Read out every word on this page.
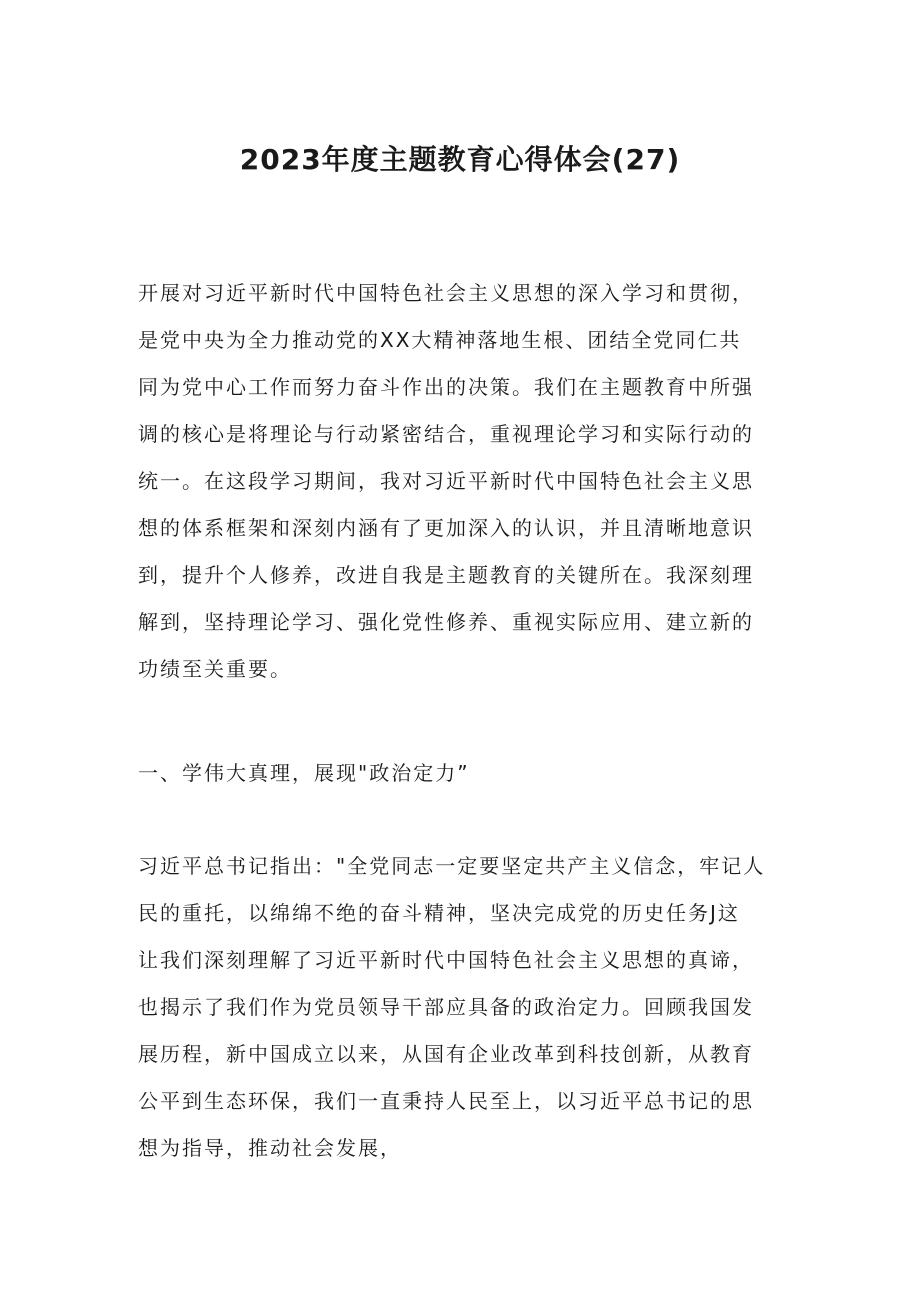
2023年度主题教育心得体会(27)
开展对习近平新时代中国特色社会主义思想的深入学习和贯彻，
是党中央为全力推动党的XX大精神落地生根、团结全党同仁共
同为党中心工作而努力奋斗作出的决策。我们在主题教育中所强
调的核心是将理论与行动紧密结合，重视理论学习和实际行动的
统一。在这段学习期间，我对习近平新时代中国特色社会主义思
想的体系框架和深刻内涵有了更加深入的认识，并且清晰地意识
到，提升个人修养，改进自我是主题教育的关键所在。我深刻理
解到，坚持理论学习、强化党性修养、重视实际应用、建立新的
功绩至关重要。
一、学伟大真理，展现"政治定力”
习近平总书记指出："全党同志一定要坚定共产主义信念，牢记人
民的重托，以绵绵不绝的奋斗精神，坚决完成党的历史任务J这
让我们深刻理解了习近平新时代中国特色社会主义思想的真谛，
也揭示了我们作为党员领导干部应具备的政治定力。回顾我国发
展历程，新中国成立以来，从国有企业改革到科技创新，从教育
公平到生态环保，我们一直秉持人民至上，以习近平总书记的思
想为指导，推动社会发展，
